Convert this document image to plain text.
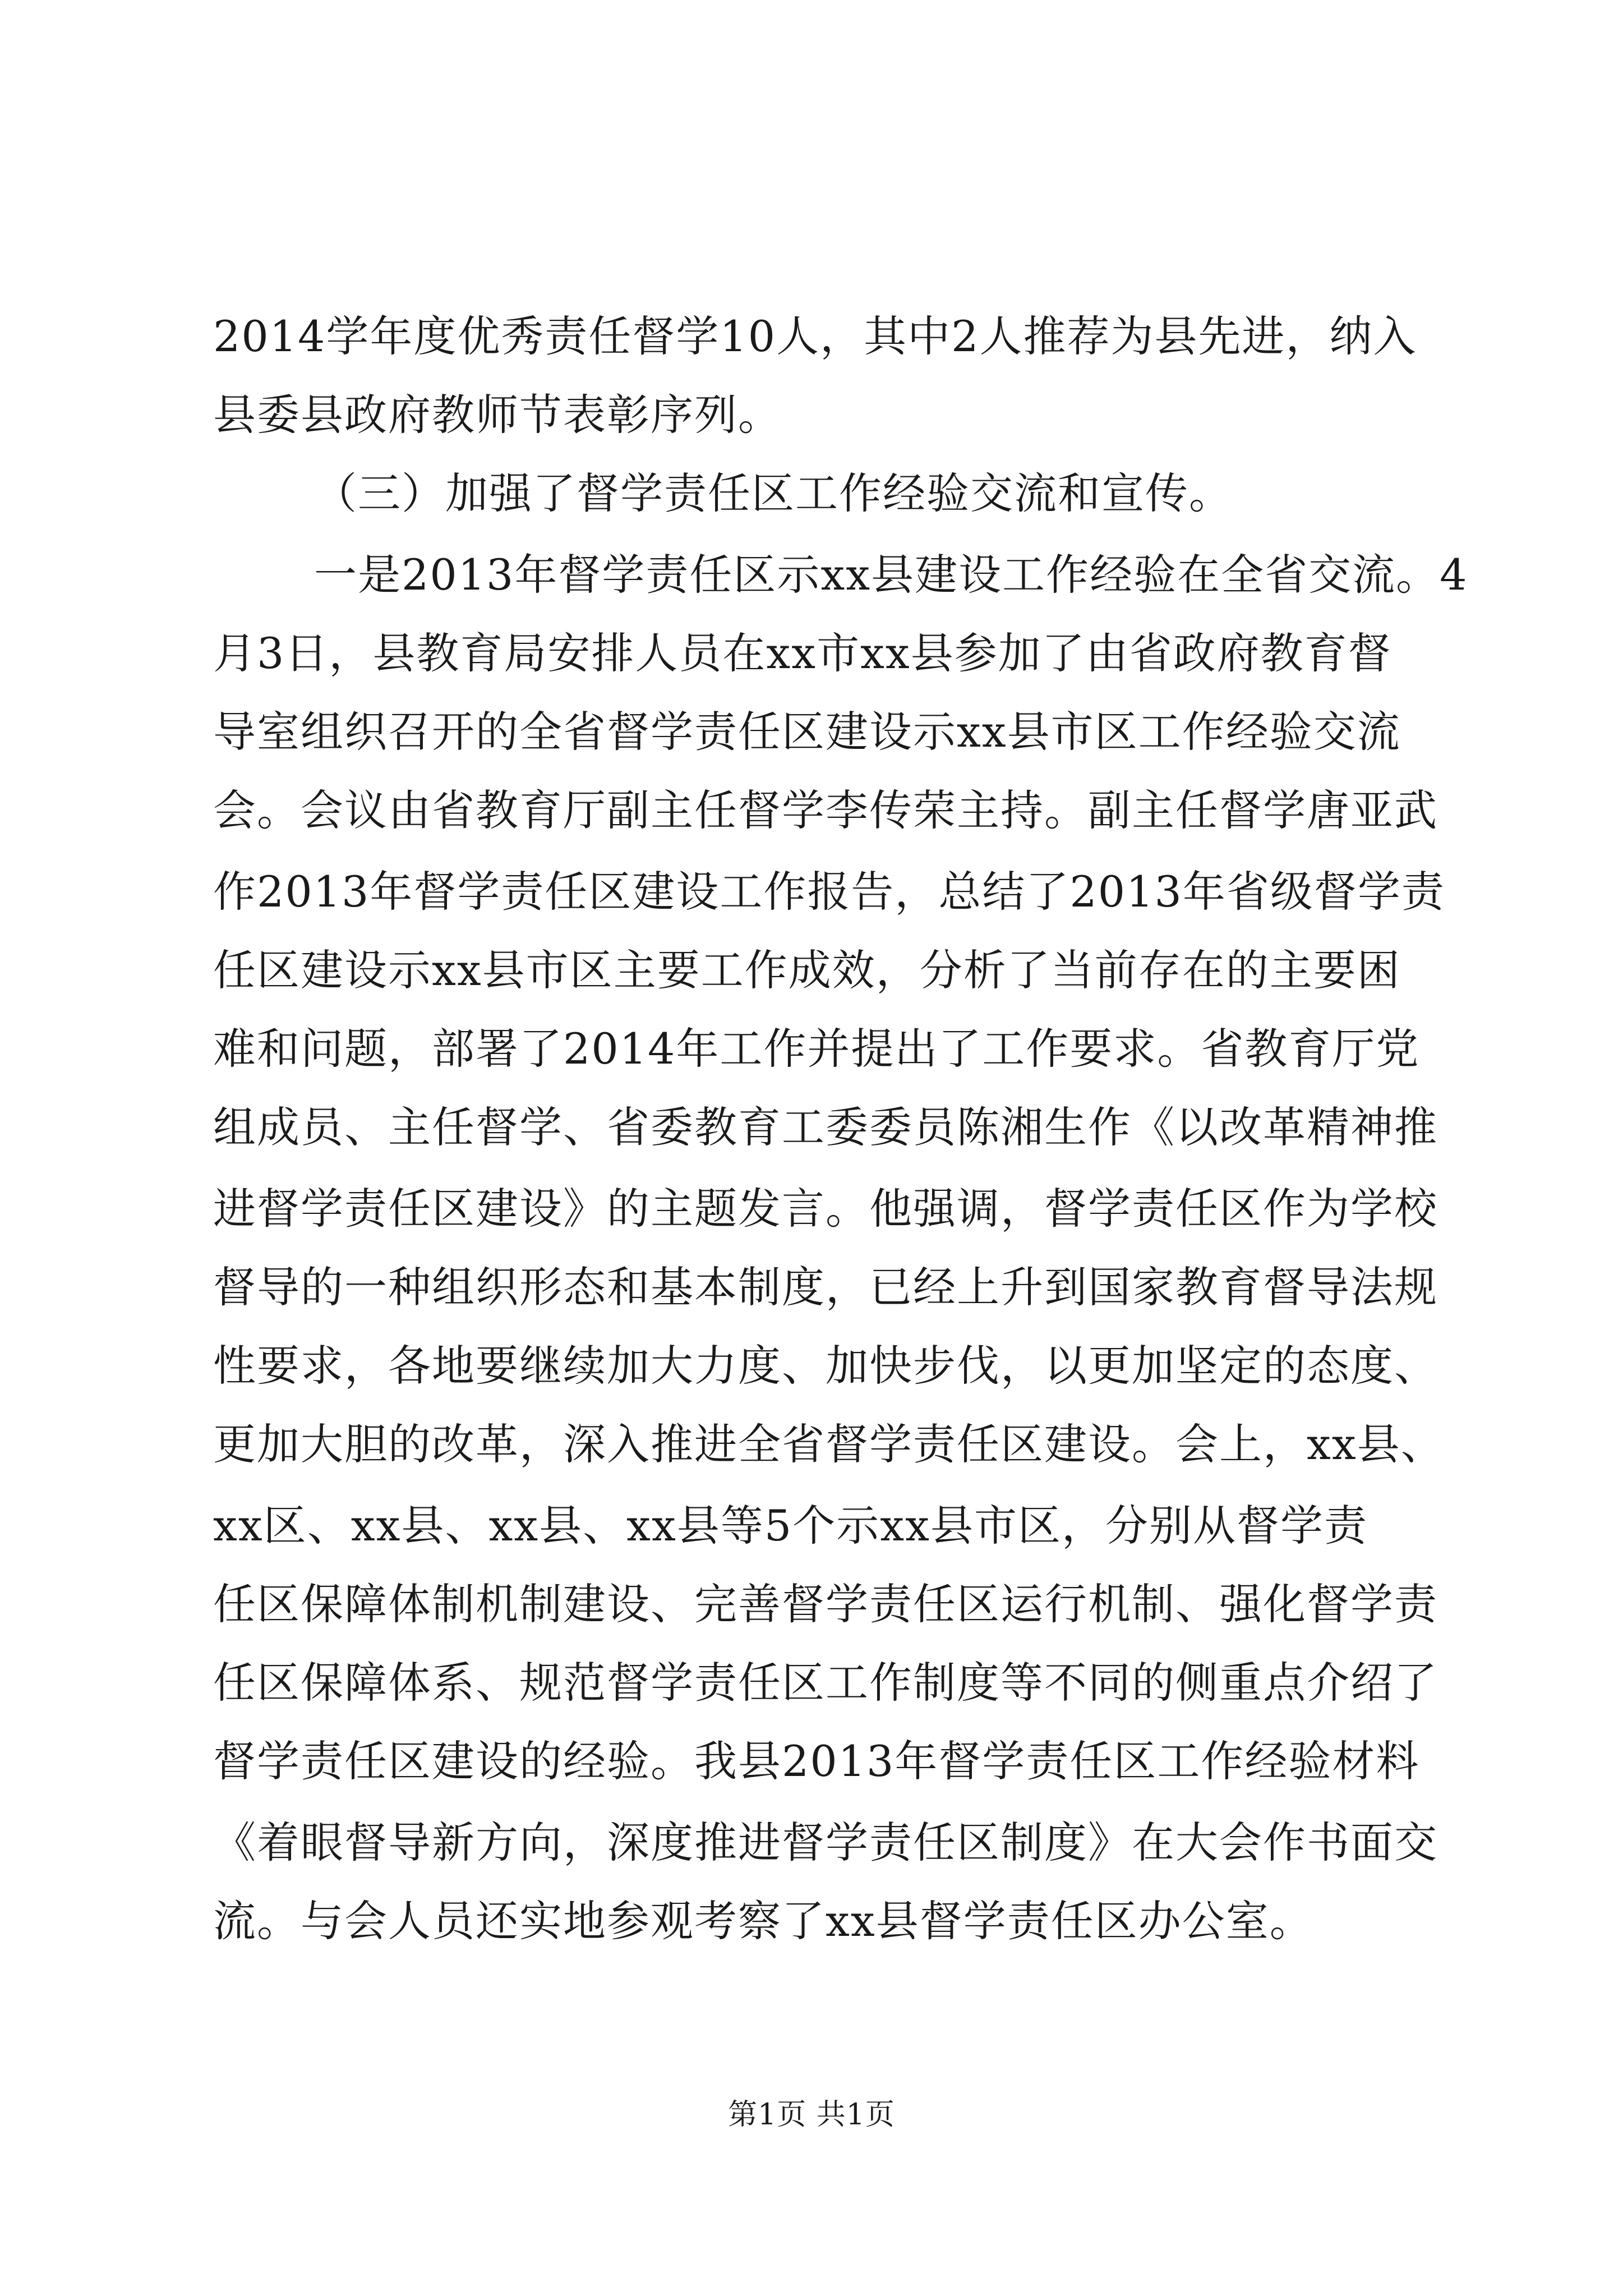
2014学年度优秀责任督学10人，其中2人推荐为县先进，纳入
县委县政府教师节表彰序列。
（三）加强了督学责任区工作经验交流和宣传。
一是2013年督学责任区示xx县建设工作经验在全省交流。4
月3日，县教育局安排人员在xx市xx县参加了由省政府教育督
导室组织召开的全省督学责任区建设示xx县市区工作经验交流
会。会议由省教育厅副主任督学李传荣主持。副主任督学唐亚武
作2013年督学责任区建设工作报告，总结了2013年省级督学责
任区建设示xx县市区主要工作成效，分析了当前存在的主要困
难和问题，部署了2014年工作并提出了工作要求。省教育厅党
组成员、主任督学、省委教育工委委员陈湘生作《以改革精神推
进督学责任区建设》的主题发言。他强调，督学责任区作为学校
督导的一种组织形态和基本制度，已经上升到国家教育督导法规
性要求，各地要继续加大力度、加快步伐，以更加坚定的态度、
更加大胆的改革，深入推进全省督学责任区建设。会上，xx县、
xx区、xx县、xx县、xx县等5个示xx县市区，分别从督学责
任区保障体制机制建设、完善督学责任区运行机制、强化督学责
任区保障体系、规范督学责任区工作制度等不同的侧重点介绍了
督学责任区建设的经验。我县2013年督学责任区工作经验材料
《着眼督导新方向，深度推进督学责任区制度》在大会作书面交
流。与会人员还实地参观考察了xx县督学责任区办公室。
第1页 共1页
